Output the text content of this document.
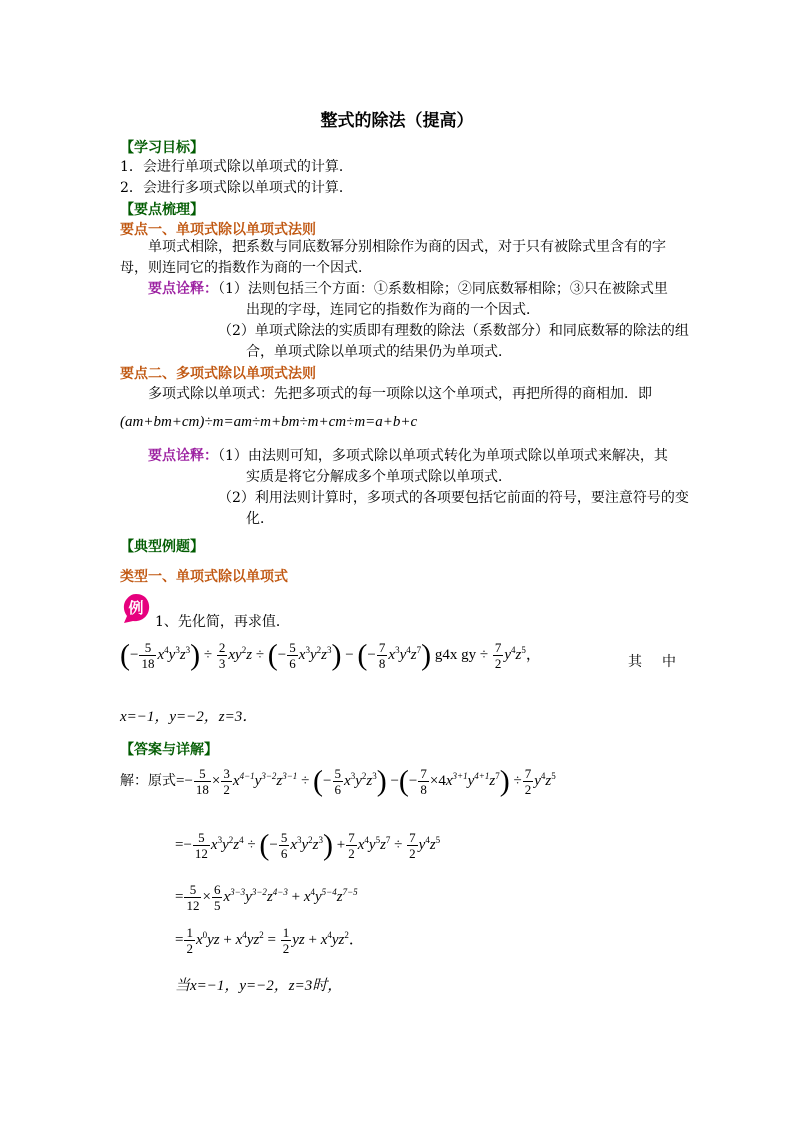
整式的除法（提高）
【学习目标】
1．会进行单项式除以单项式的计算．
2．会进行多项式除以单项式的计算．
【要点梳理】
要点一、单项式除以单项式法则
单项式相除，把系数与同底数幂分别相除作为商的因式，对于只有被除式里含有的字母，则连同它的指数作为商的一个因式．
要点诠释：（1）法则包括三个方面：①系数相除；②同底数幂相除；③只在被除式里
出现的字母，连同它的指数作为商的一个因式．
（2）单项式除法的实质即有理数的除法（系数部分）和同底数幂的除法的组
合，单项式除以单项式的结果仍为单项式．
要点二、多项式除以单项式法则
多项式除以单项式：先把多项式的每一项除以这个单项式，再把所得的商相加．即
(am+bm+cm)÷m=am÷m+bm÷m+cm÷m=a+b+c
要点诠释：（1）由法则可知，多项式除以单项式转化为单项式除以单项式来解决，其
实质是将它分解成多个单项式除以单项式．
（2）利用法则计算时，多项式的各项要包括它前面的符号，要注意符号的变
化．
【典型例题】
类型一、单项式除以单项式
例
1、先化简，再求值．
(− $\frac{5}{18} x^4y^3z^3) \div \frac{2}{3} xy^2z$ ÷ (− $\frac{5}{6} x^3y^2z^3$) − (− $\frac{7}{8} x^3y^4z^7$) g4x gy ÷ $\frac{7}{2} y^4z^5$，	其 中
x=−1，y=−2，z=3．
【答案与详解】
解：原式=− $\frac{5}{18} \times \frac{3}{2} x^{4-1}y^{3-2}z^{3-1}$ ÷ (− $\frac{5}{6} x^3y^2z^3$) −(− $\frac{7}{8} \times 4x^{3+1}y^{4+1}z^7) \div \frac{7}{2} y^4z^5$
=− $\frac{5}{12} x^3y^2z^4$ ÷ (− $\frac{5}{6} x^3y^2z^3) + \frac{7}{2} x^4y^5z^7 \div \frac{7}{2} y^4z^5$
= $\frac{5}{12} \times \frac{6}{5} x^{3-3}y^{3-2}z^{4-3} + x^4y^{5-4}z^{7-5}$
= $\frac{1}{2} x^0yz + x^4yz^2 = \frac{1}{2}$ yz + $x^4yz^2$．
当x=−1，y=−2，z=3时，
